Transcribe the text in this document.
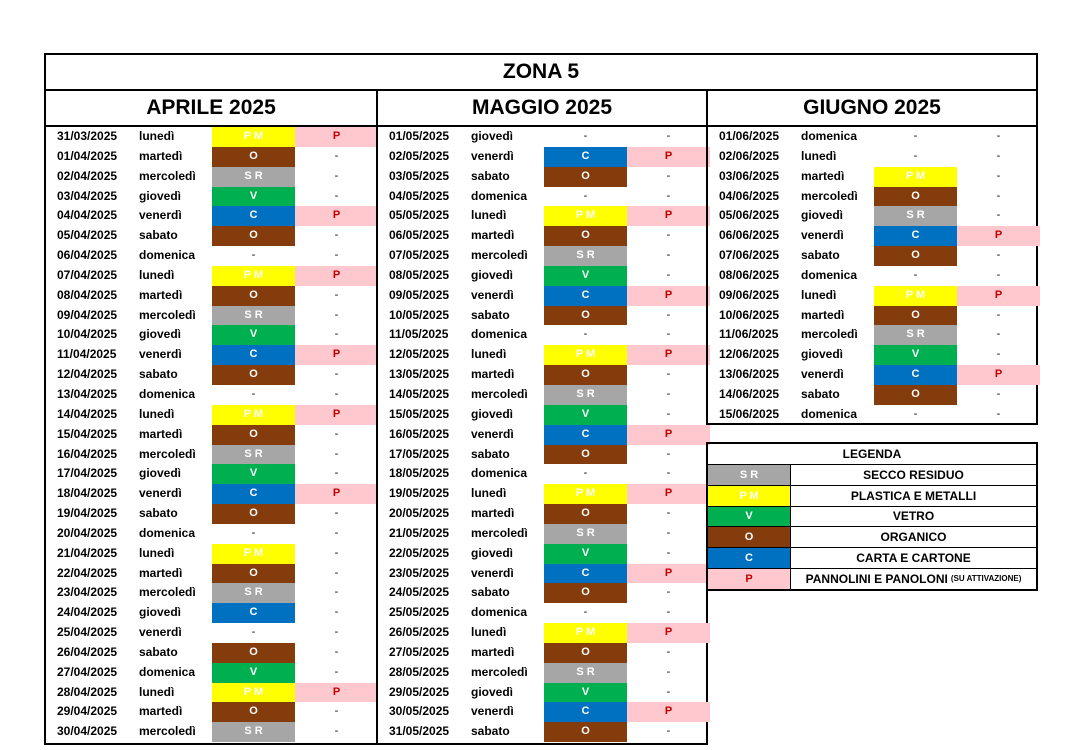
ZONA 5
APRILE 2025
31/03/2025 lunedì	P M	P
01/04/2025 martedì	O	-
02/04/2025 mercoledì	S R	-
03/04/2025 giovedì	V	-
04/04/2025 venerdì	C	P
05/04/2025 sabato	O	-
06/04/2025 domenica	-	-
07/04/2025 lunedì	P M	P
08/04/2025 martedì	O	-
09/04/2025 mercoledì	S R	-
10/04/2025 giovedì	V	-
11/04/2025 venerdì	C	P
12/04/2025 sabato	O	-
13/04/2025 domenica	-	-
14/04/2025 lunedì	P M	P
15/04/2025 martedì	O	-
16/04/2025 mercoledì	S R	-
17/04/2025 giovedì	V	-
18/04/2025 venerdì	C	P
19/04/2025 sabato	O	-
20/04/2025 domenica	-	-
21/04/2025 lunedì	P M	-
22/04/2025 martedì	O	-
23/04/2025 mercoledì	S R	-
24/04/2025 giovedì	C	-
25/04/2025 venerdì	-	-
26/04/2025 sabato	O	-
27/04/2025 domenica	V	-
28/04/2025 lunedì	P M	P
29/04/2025 martedì	O	-
30/04/2025 mercoledì	S R	-
MAGGIO 2025
01/05/2025 giovedì	-	-
02/05/2025 venerdì	C	P
03/05/2025 sabato	O	-
04/05/2025 domenica	-	-
05/05/2025 lunedì	P M	P
06/05/2025 martedì	O	-
07/05/2025 mercoledì	S R	-
08/05/2025 giovedì	V	-
09/05/2025 venerdì	C	P
10/05/2025 sabato	O	-
11/05/2025 domenica	-	-
12/05/2025 lunedì	P M	P
13/05/2025 martedì	O	-
14/05/2025 mercoledì	S R	-
15/05/2025 giovedì	V	-
16/05/2025 venerdì	C	P
17/05/2025 sabato	O	-
18/05/2025 domenica	-	-
19/05/2025 lunedì	P M	P
20/05/2025 martedì	O	-
21/05/2025 mercoledì	S R	-
22/05/2025 giovedì	V	-
23/05/2025 venerdì	C	P
24/05/2025 sabato	O	-
25/05/2025 domenica	-	-
26/05/2025 lunedì	P M	P
27/05/2025 martedì	O	-
28/05/2025 mercoledì	S R	-
29/05/2025 giovedì	V	-
30/05/2025 venerdì	C	P
31/05/2025 sabato	O	-
GIUGNO 2025
01/06/2025 domenica	-	-
02/06/2025 lunedì	-	-
03/06/2025 martedì	P M	-
04/06/2025 mercoledì	O	-
05/06/2025 giovedì	S R	-
06/06/2025 venerdì	C	P
07/06/2025 sabato	O	-
08/06/2025 domenica	-	-
09/06/2025 lunedì	P M	P
10/06/2025 martedì	O	-
11/06/2025 mercoledì	S R	-
12/06/2025 giovedì	V	-
13/06/2025 venerdì	C	P
14/06/2025 sabato	O	-
15/06/2025 domenica	-	-
LEGENDA
S R	SECCO RESIDUO
P M	PLASTICA E METALLI
V	VETRO
O	ORGANICO
C	CARTA E CARTONE
P	PANNOLINI E PANOLONI (SU ATTIVAZIONE)
